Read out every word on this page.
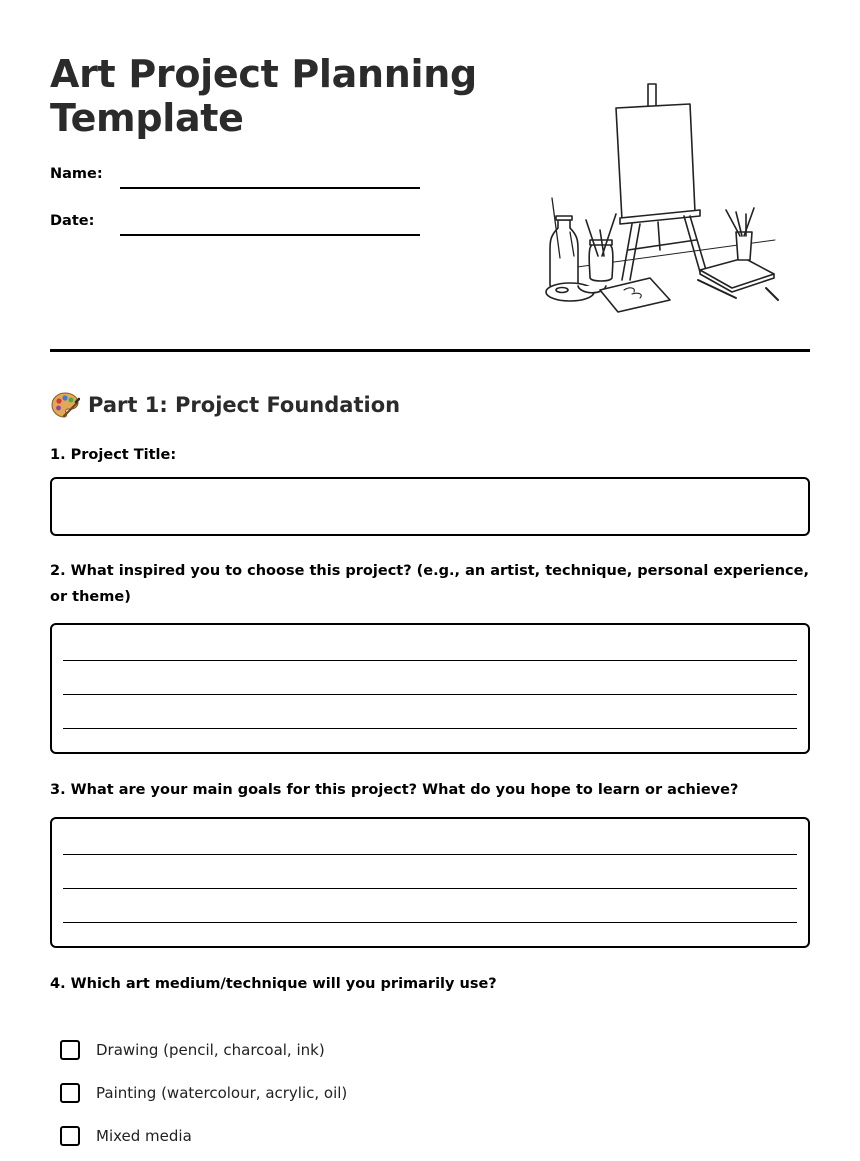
Art Project Planning Template
Name:
Date:
Part 1: Project Foundation

1. Project Title:

2. What inspired you to choose this project? (e.g., an artist, technique, personal experience, or theme)

3. What are your main goals for this project? What do you hope to learn or achieve?

4. Which art medium/technique will you primarily use?

Drawing (pencil, charcoal, ink)
Painting (watercolour, acrylic, oil)
Mixed media
